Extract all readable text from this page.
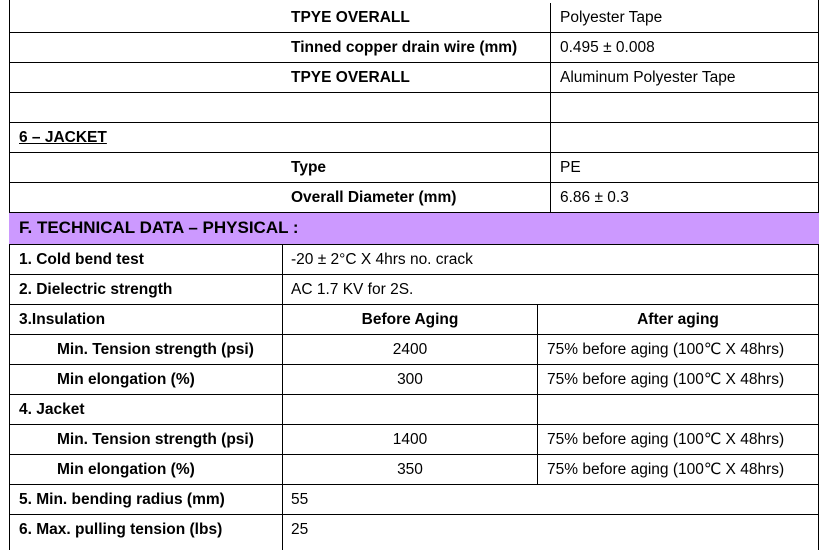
TPYE OVERALL	Polyester Tape
Tinned copper drain wire (mm)	0.495 ± 0.008
TPYE OVERALL	Aluminum Polyester Tape
6 – JACKET
Type	PE
Overall Diameter (mm)	6.86 ± 0.3
F. TECHNICAL DATA – PHYSICAL :
1. Cold bend test	-20 ± 2°C X 4hrs no. crack
2. Dielectric strength	AC 1.7 KV for 2S.
3.Insulation	Before Aging	After aging
Min. Tension strength (psi)	2400	75% before aging (100℃ X 48hrs)
Min elongation (%)	300	75% before aging (100℃ X 48hrs)
4. Jacket
Min. Tension strength (psi)	1400	75% before aging (100℃ X 48hrs)
Min elongation (%)	350	75% before aging (100℃ X 48hrs)
5. Min. bending radius (mm)	55
6. Max. pulling tension (lbs)	25
